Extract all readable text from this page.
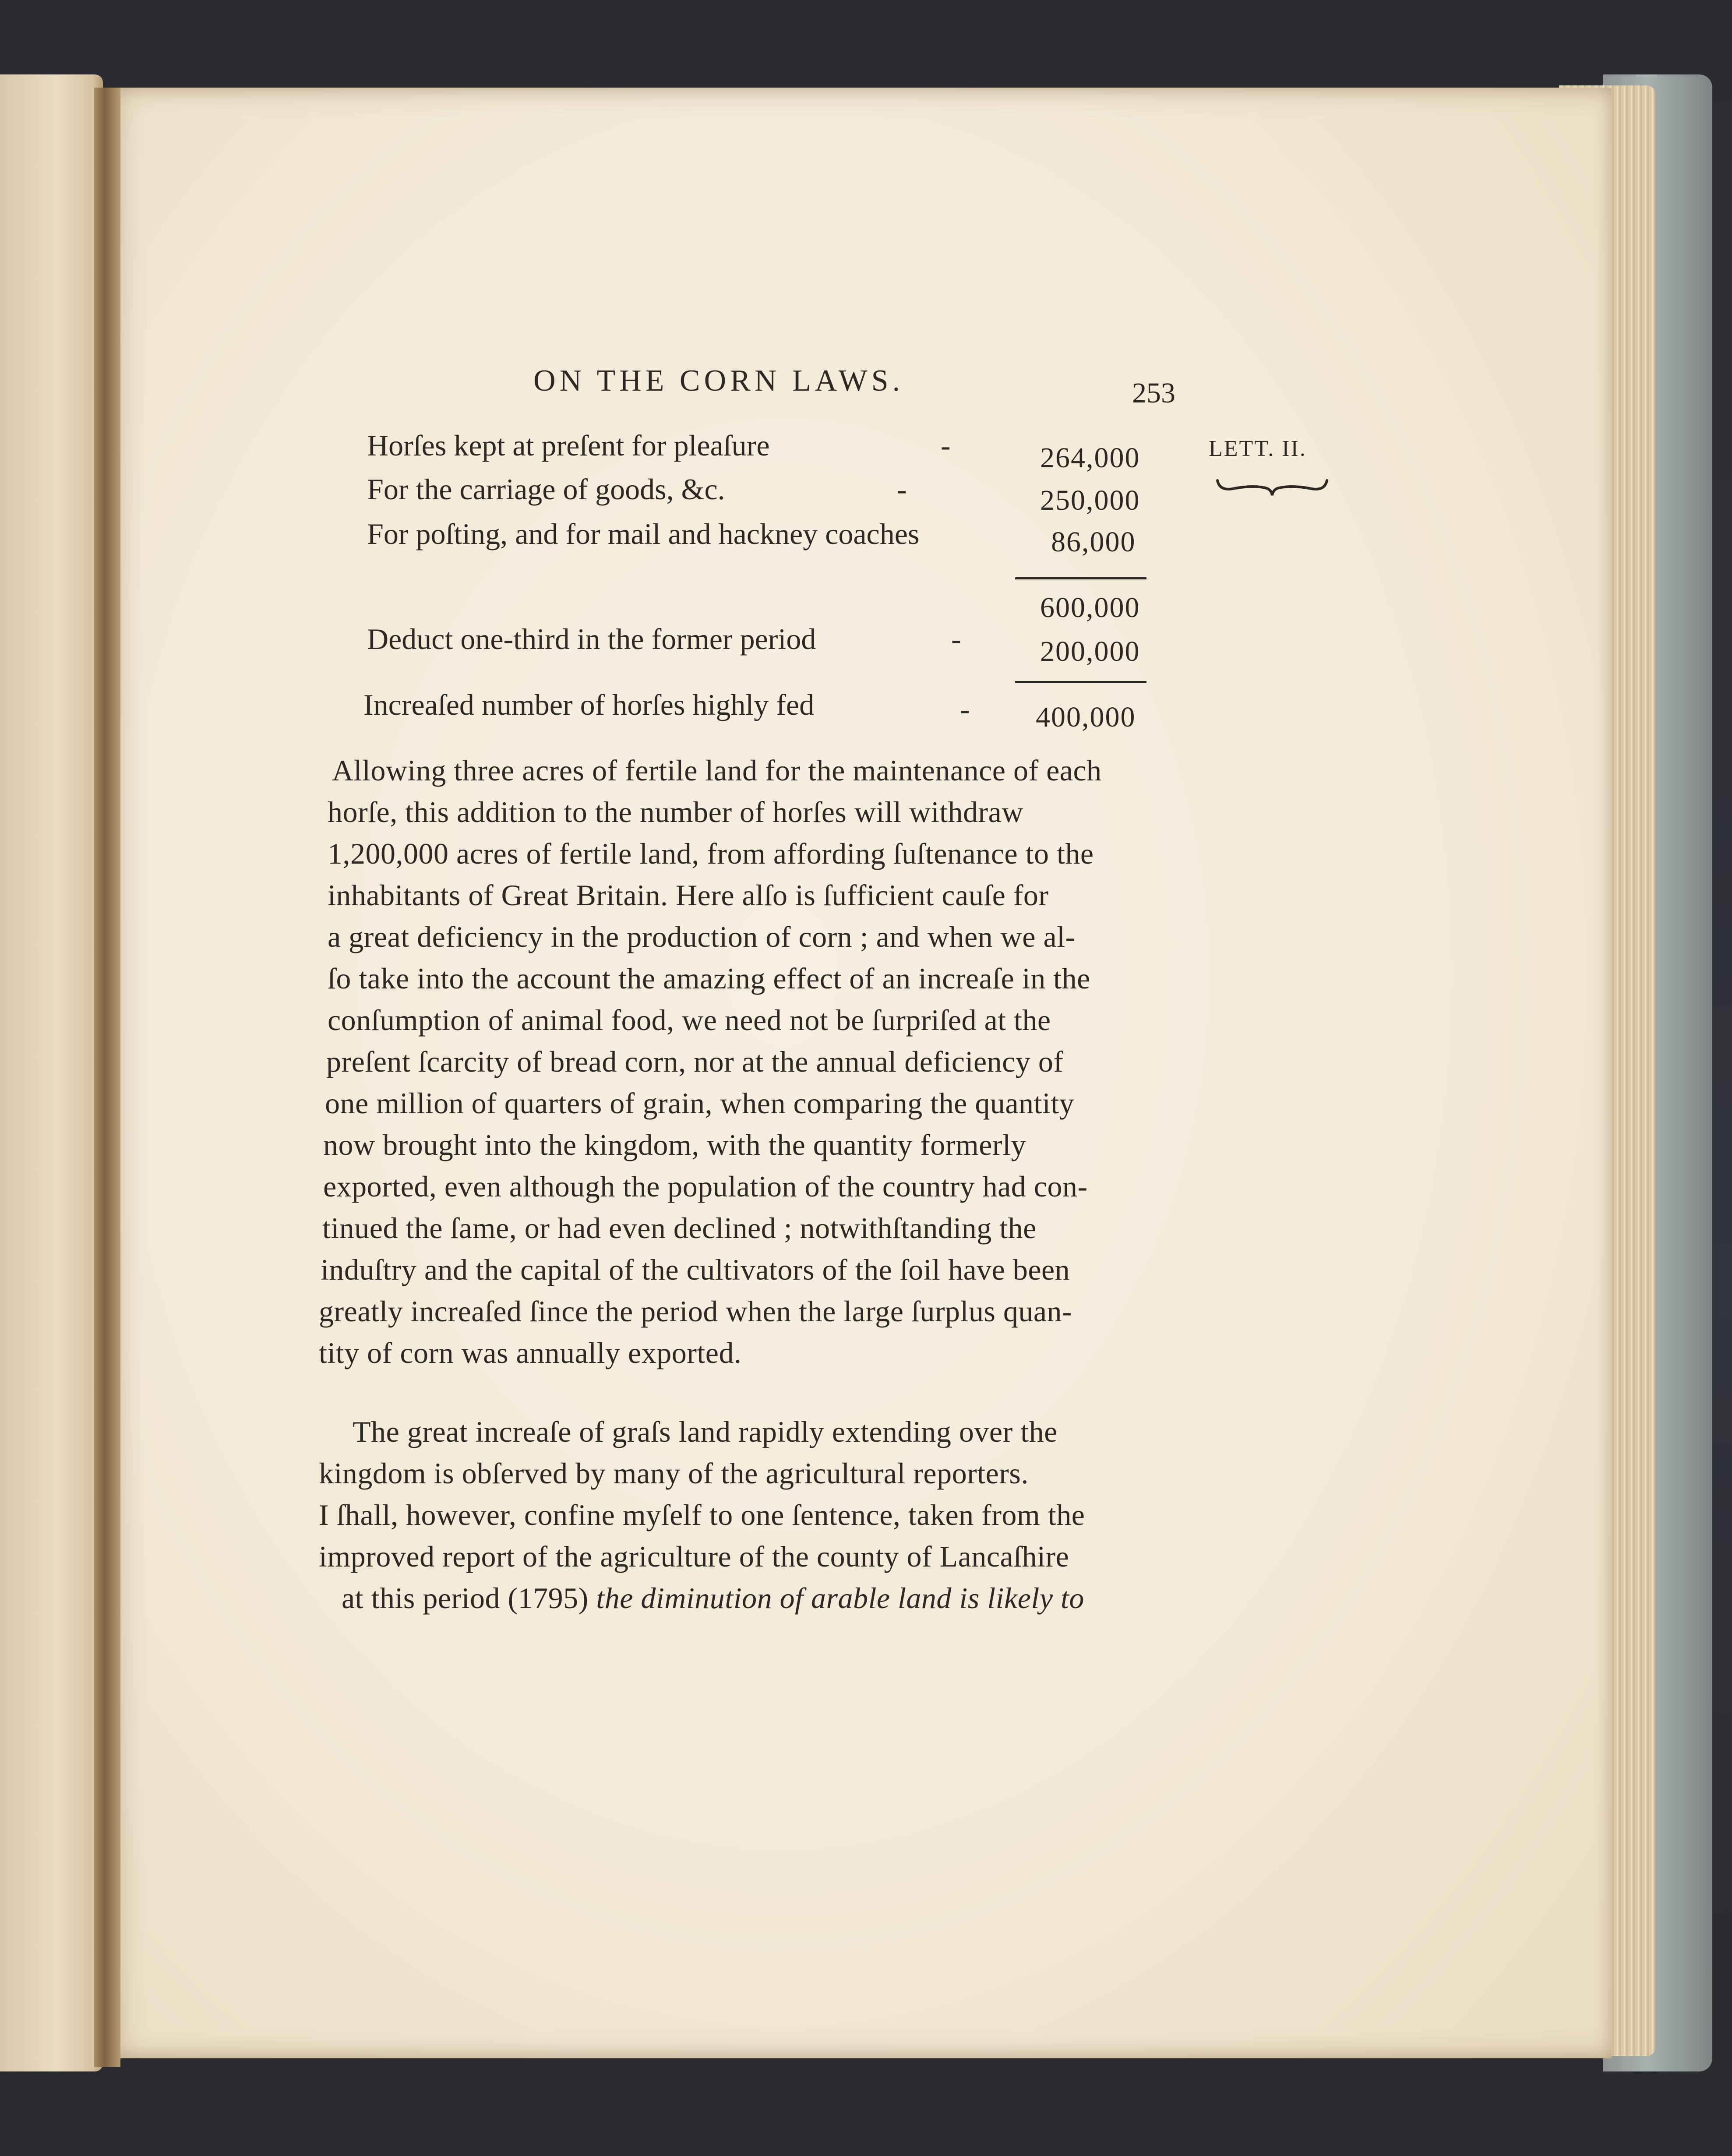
ON THE CORN LAWS.	253
LETT. II.
Horſes kept at preſent for pleaſure	-	264,000
For the carriage of goods, &c.	-	250,000
For poſting, and for mail and hackney coaches	86,000
600,000
Deduct one-third in the former period	-	200,000
Increaſed number of horſes highly fed	- 400,000
Allowing three acres of fertile land for the maintenance of each
horſe, this addition to the number of horſes will withdraw
1,200,000 acres of fertile land, from affording ſuſtenance to the
inhabitants of Great Britain. Here alſo is ſufficient cauſe for
a great deficiency in the production of corn ; and when we al-
ſo take into the account the amazing effect of an increaſe in the
conſumption of animal food, we need not be ſurpriſed at the
preſent ſcarcity of bread corn, nor at the annual deficiency of
one million of quarters of grain, when comparing the quantity
now brought into the kingdom, with the quantity formerly
exported, even although the population of the country had con-
tinued the ſame, or had even declined ; notwithſtanding the
induſtry and the capital of the cultivators of the ſoil have been
greatly increaſed ſince the period when the large ſurplus quan-
tity of corn was annually exported.
The great increaſe of graſs land rapidly extending over the
kingdom is obſerved by many of the agricultural reporters.
I ſhall, however, confine myſelf to one ſentence, taken from the
improved report of the agriculture of the county of Lancaſhire
at this period (1795) the diminution of arable land is likely to
